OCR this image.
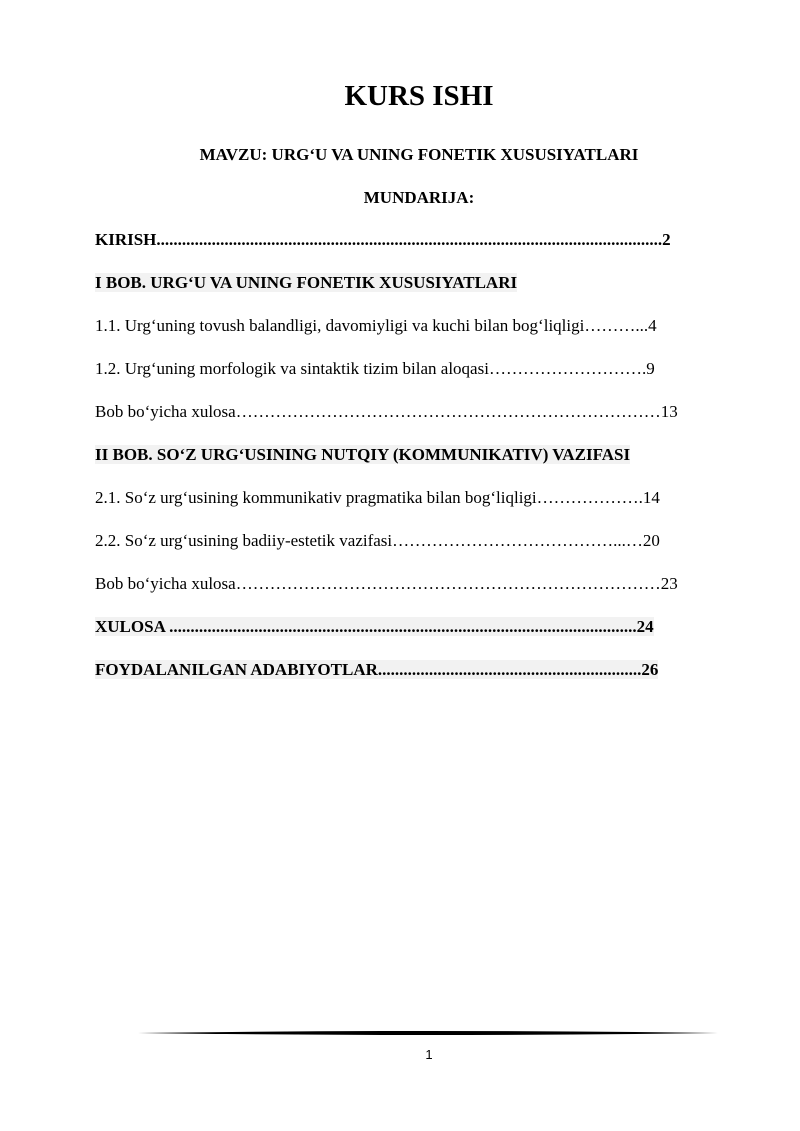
KURS ISHI
MAVZU: URG‘U VA UNING FONETIK XUSUSIYATLARI
MUNDARIJA:
KIRISH.......................................................................................................................2
I BOB. URG‘U VA UNING FONETIK XUSUSIYATLARI
1.1. Urg‘uning tovush balandligi, davomiyligi va kuchi bilan bog‘liqligi………...4
1.2. Urg‘uning morfologik va sintaktik tizim bilan aloqasi……………………….9
Bob bo‘yicha xulosa…………………………………………………………………13
II BOB. SO‘Z URG‘USINING NUTQIY (KOMMUNIKATIV) VAZIFASI
2.1. So‘z urg‘usining kommunikativ pragmatika bilan bog‘liqligi……………….14
2.2. So‘z urg‘usining badiiy-estetik vazifasi…………………………………...…20
Bob bo‘yicha xulosa…………………………………………………………………23
XULOSA ..............................................................................................................24
FOYDALANILGAN ADABIYOTLAR..............................................................26
1
